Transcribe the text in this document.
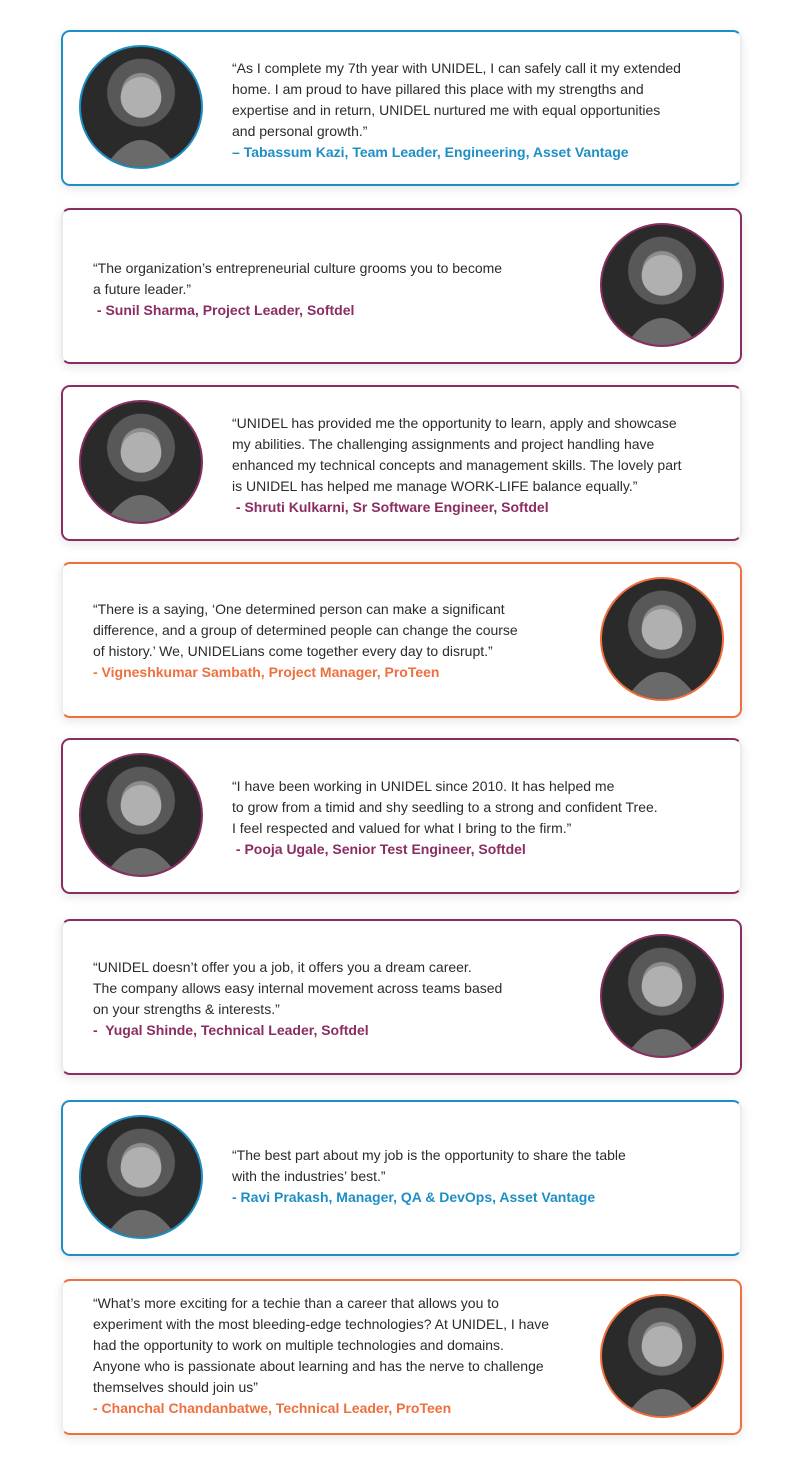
“As I complete my 7th year with UNIDEL, I can safely call it my extended
home. I am proud to have pillared this place with my strengths and
expertise and in return, UNIDEL nurtured me with equal opportunities
and personal growth.”

– Tabassum Kazi, Team Leader, Engineering, Asset Vantage

“The organization’s entrepreneurial culture grooms you to become
a future leader.”

- Sunil Sharma, Project Leader, Softdel

“UNIDEL has provided me the opportunity to learn, apply and showcase
my abilities. The challenging assignments and project handling have
enhanced my technical concepts and management skills. The lovely part
is UNIDEL has helped me manage WORK-LIFE balance equally.”

- Shruti Kulkarni, Sr Software Engineer, Softdel

“There is a saying, ‘One determined person can make a significant
difference, and a group of determined people can change the course
of history.’ We, UNIDELians come together every day to disrupt.”

- Vigneshkumar Sambath, Project Manager, ProTeen

“I have been working in UNIDEL since 2010. It has helped me
to grow from a timid and shy seedling to a strong and confident Tree.
I feel respected and valued for what I bring to the firm.”

- Pooja Ugale, Senior Test Engineer, Softdel

“UNIDEL doesn’t offer you a job, it offers you a dream career.
The company allows easy internal movement across teams based
on your strengths & interests.”

-  Yugal Shinde, Technical Leader, Softdel

“The best part about my job is the opportunity to share the table
with the industries’ best.”

- Ravi Prakash, Manager, QA & DevOps, Asset Vantage

“What’s more exciting for a techie than a career that allows you to
experiment with the most bleeding-edge technologies? At UNIDEL, I have
had the opportunity to work on multiple technologies and domains.
Anyone who is passionate about learning and has the nerve to challenge
themselves should join us”

- Chanchal Chandanbatwe, Technical Leader, ProTeen
